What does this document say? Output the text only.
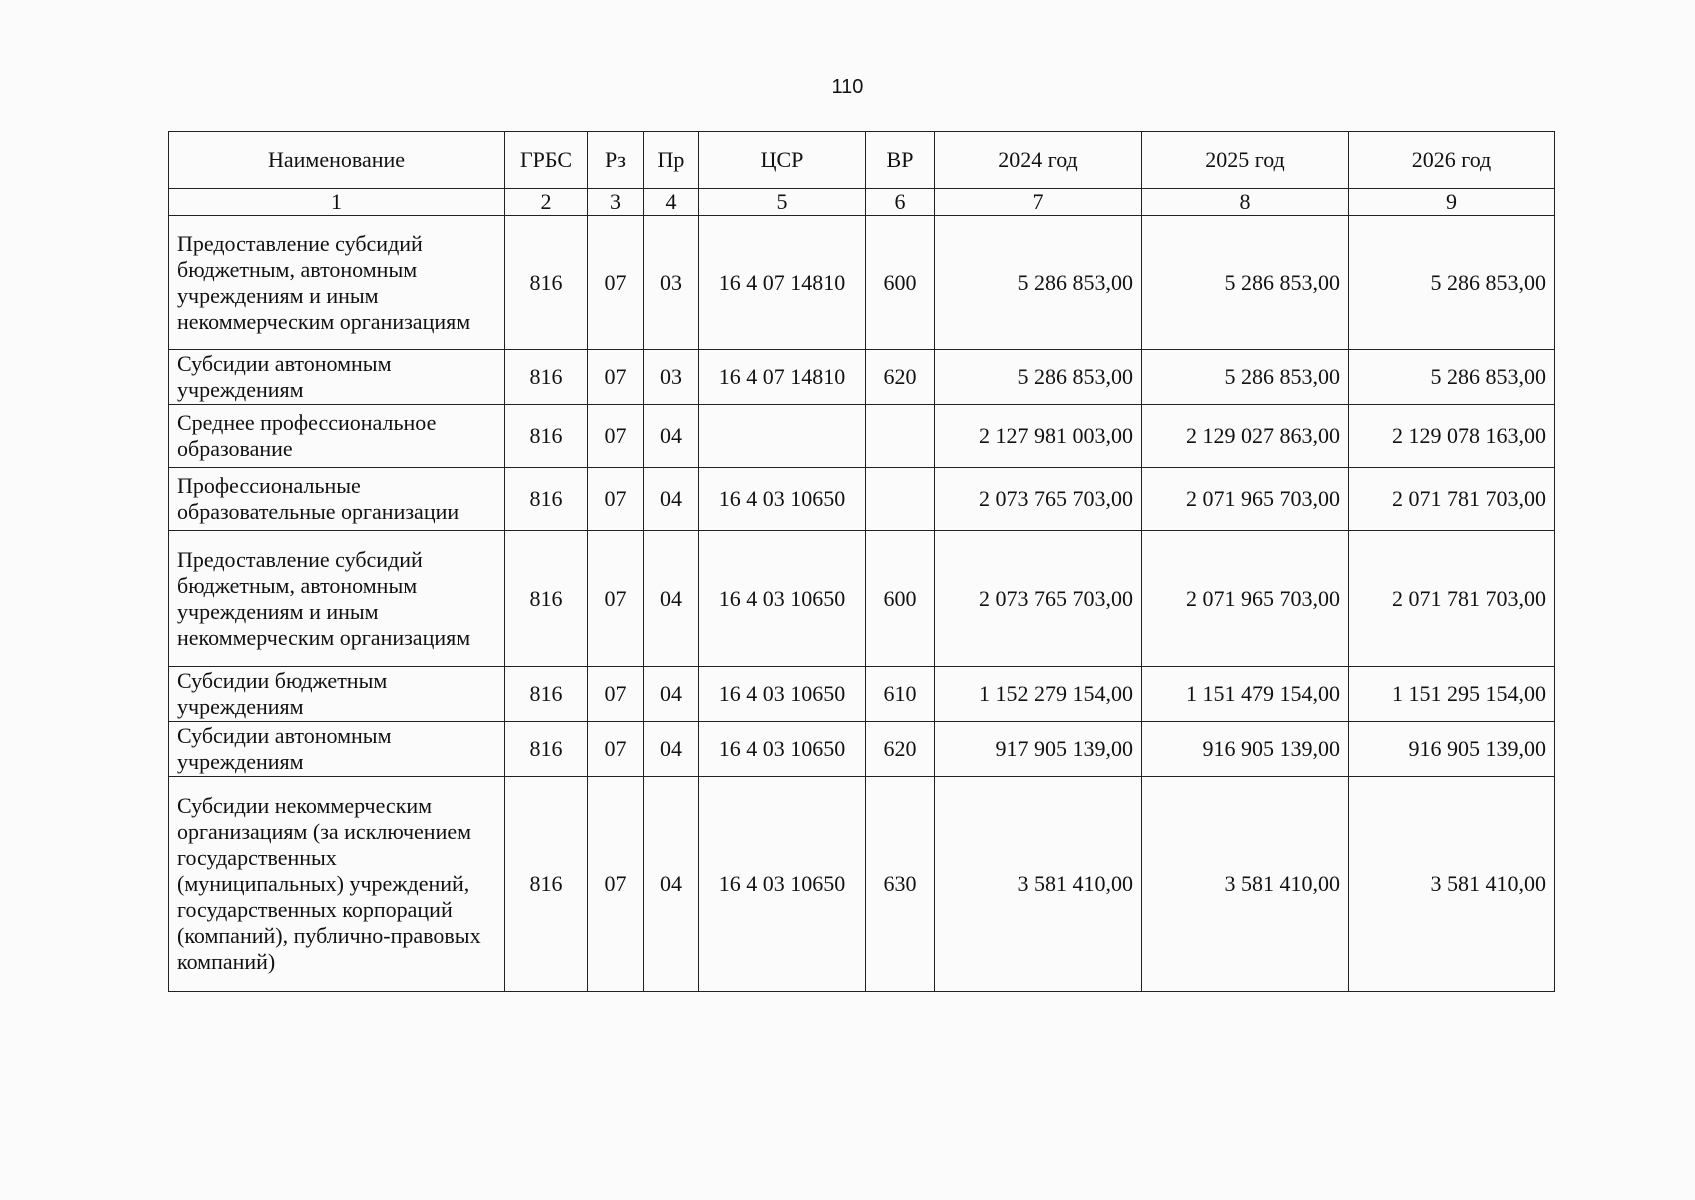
110
Наименование	ГРБС	Рз	Пр	ЦСР	ВР	2024 год	2025 год	2026 год
1	2	3	4	5	6	7	8	9
Предоставление субсидий бюджетным, автономным учреждениям и иным некоммерческим организациям	816	07	03	16 4 07 14810	600	5 286 853,00	5 286 853,00	5 286 853,00
Субсидии автономным учреждениям	816	07	03	16 4 07 14810	620	5 286 853,00	5 286 853,00	5 286 853,00
Среднее профессиональное образование	816	07	04			2 127 981 003,00	2 129 027 863,00	2 129 078 163,00
Профессиональные образовательные организации	816	07	04	16 4 03 10650		2 073 765 703,00	2 071 965 703,00	2 071 781 703,00
Предоставление субсидий бюджетным, автономным учреждениям и иным некоммерческим организациям	816	07	04	16 4 03 10650	600	2 073 765 703,00	2 071 965 703,00	2 071 781 703,00
Субсидии бюджетным учреждениям	816	07	04	16 4 03 10650	610	1 152 279 154,00	1 151 479 154,00	1 151 295 154,00
Субсидии автономным учреждениям	816	07	04	16 4 03 10650	620	917 905 139,00	916 905 139,00	916 905 139,00
Субсидии некоммерческим организациям (за исключением государственных (муниципальных) учреждений, государственных корпораций (компаний), публично-правовых компаний)	816	07	04	16 4 03 10650	630	3 581 410,00	3 581 410,00	3 581 410,00
